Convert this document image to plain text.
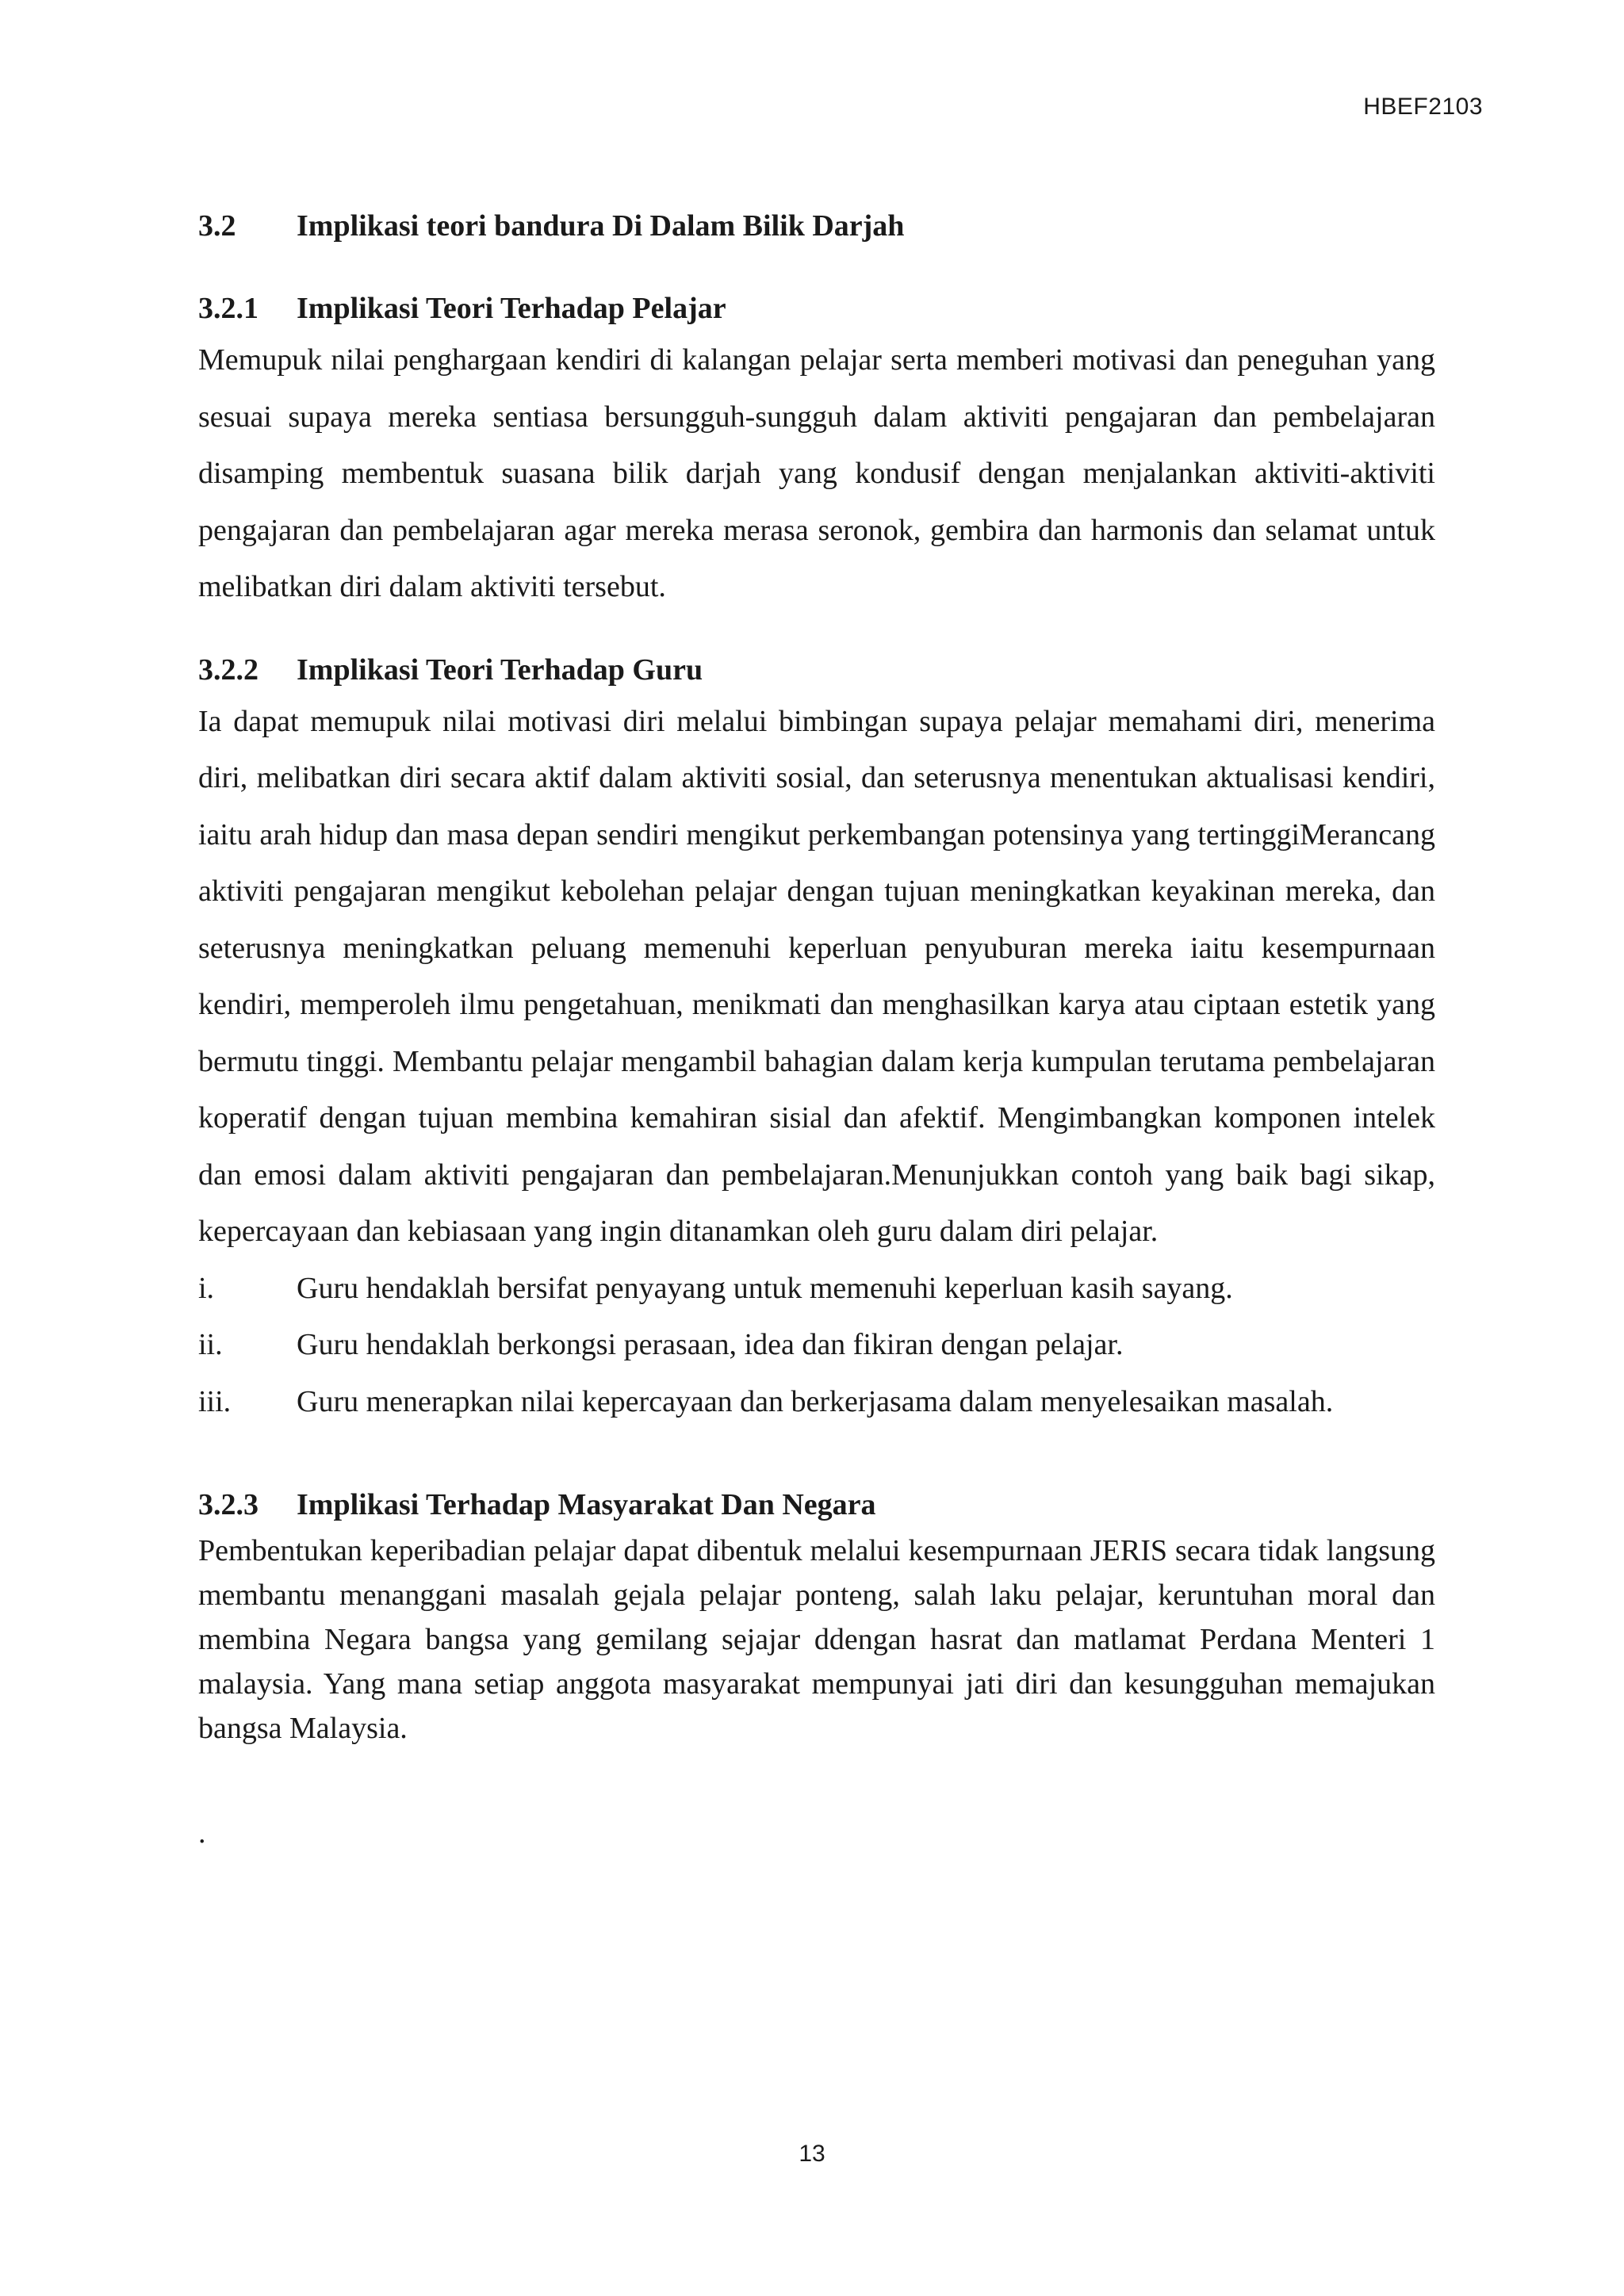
HBEF2103
3.2	Implikasi teori bandura Di Dalam Bilik Darjah
3.2.1	Implikasi Teori Terhadap Pelajar

Memupuk nilai penghargaan kendiri di kalangan pelajar serta memberi motivasi dan peneguhan yang sesuai supaya mereka sentiasa bersungguh-sungguh dalam aktiviti pengajaran dan pembelajaran disamping membentuk suasana bilik darjah yang kondusif dengan menjalankan aktiviti-aktiviti pengajaran dan pembelajaran agar mereka merasa seronok, gembira dan harmonis dan selamat untuk melibatkan diri dalam aktiviti tersebut.

3.2.2	Implikasi Teori Terhadap Guru

Ia dapat memupuk nilai motivasi diri melalui bimbingan supaya pelajar memahami diri, menerima diri, melibatkan diri secara aktif dalam aktiviti sosial, dan seterusnya menentukan aktualisasi kendiri, iaitu arah hidup dan masa depan sendiri mengikut perkembangan potensinya yang tertinggiMerancang aktiviti pengajaran mengikut kebolehan pelajar dengan tujuan meningkatkan keyakinan mereka, dan seterusnya meningkatkan peluang memenuhi keperluan penyuburan mereka iaitu kesempurnaan kendiri, memperoleh ilmu pengetahuan, menikmati dan menghasilkan karya atau ciptaan estetik yang bermutu tinggi. Membantu pelajar mengambil bahagian dalam kerja kumpulan terutama pembelajaran koperatif dengan tujuan membina kemahiran sisial dan afektif. Mengimbangkan komponen intelek dan emosi dalam aktiviti pengajaran dan pembelajaran.Menunjukkan contoh yang baik bagi sikap, kepercayaan dan kebiasaan yang ingin ditanamkan oleh guru dalam diri pelajar.

i.	Guru hendaklah bersifat penyayang untuk memenuhi keperluan kasih sayang.
ii.	Guru hendaklah berkongsi perasaan, idea dan fikiran dengan pelajar.
iii.	Guru menerapkan nilai kepercayaan dan berkerjasama dalam menyelesaikan masalah.
3.2.3	Implikasi Terhadap Masyarakat Dan Negara

Pembentukan keperibadian pelajar dapat dibentuk melalui kesempurnaan JERIS secara tidak langsung membantu menanggani masalah gejala pelajar ponteng, salah laku pelajar, keruntuhan moral dan membina Negara bangsa yang gemilang sejajar ddengan hasrat dan matlamat Perdana Menteri 1 malaysia. Yang mana setiap anggota masyarakat mempunyai jati diri dan kesungguhan memajukan bangsa Malaysia.

.
13
